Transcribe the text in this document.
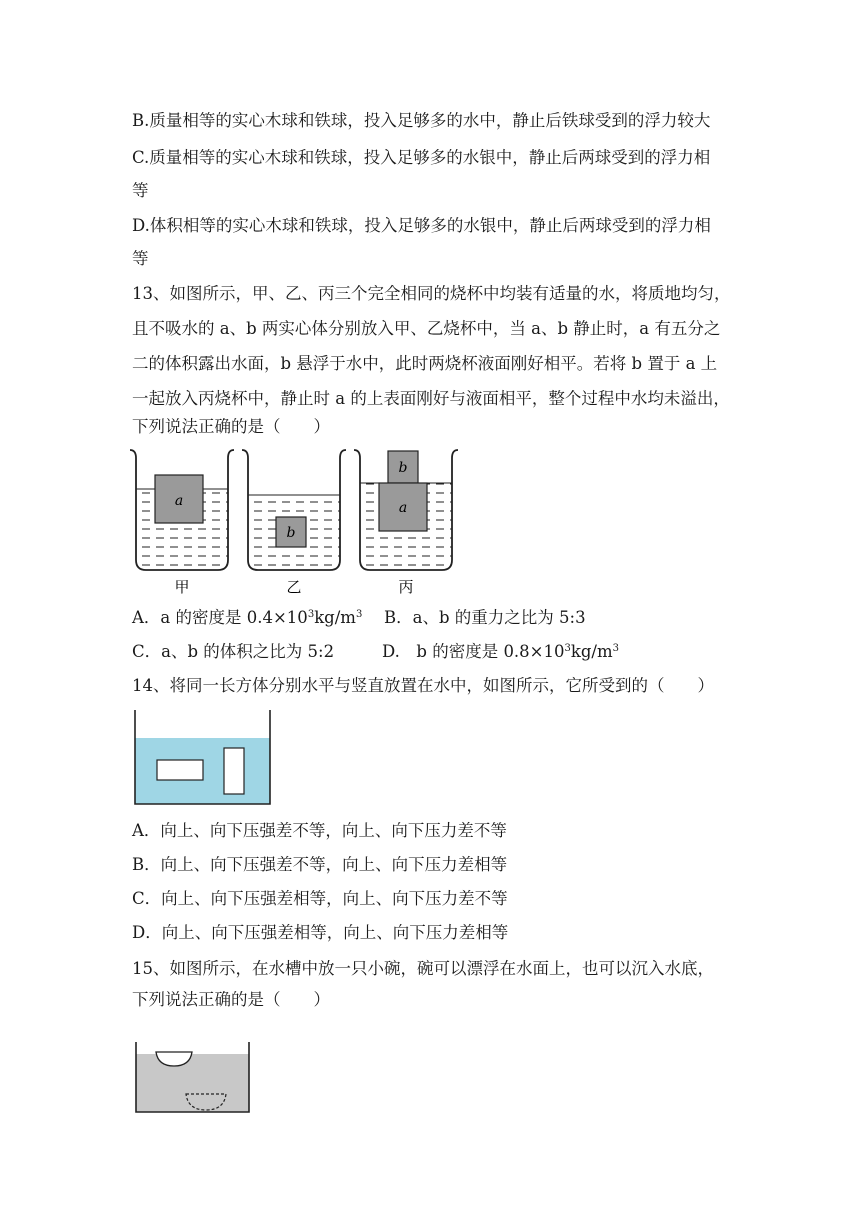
B.质量相等的实心木球和铁球，投入足够多的水中，静止后铁球受到的浮力较大
C.质量相等的实心木球和铁球，投入足够多的水银中，静止后两球受到的浮力相
等
D.体积相等的实心木球和铁球，投入足够多的水银中，静止后两球受到的浮力相
等
13、如图所示，甲、乙、丙三个完全相同的烧杯中均装有适量的水，将质地均匀，
且不吸水的 a、b 两实心体分别放入甲、乙烧杯中，当 a、b 静止时，a 有五分之
二的体积露出水面，b 悬浮于水中，此时两烧杯液面刚好相平。若将 b 置于 a 上
一起放入丙烧杯中，静止时 a 的上表面刚好与液面相平，整个过程中水均未溢出，
下列说法正确的是（　　）
a
b
b
a
甲	乙	丙
A．a 的密度是 $0.4\times 10^3kg/m^3$ B．a、b 的重力之比为 5:3
C．a、b 的体积之比为 5:2	D.　b 的密度是 $0.8\times 10^3kg/m^3$
14、将同一长方体分别水平与竖直放置在水中，如图所示，它所受到的（　　）
A．向上、向下压强差不等，向上、向下压力差不等
B．向上、向下压强差不等，向上、向下压力差相等
C．向上、向下压强差相等，向上、向下压力差不等
D．向上、向下压强差相等，向上、向下压力差相等
15、如图所示，在水槽中放一只小碗，碗可以漂浮在水面上，也可以沉入水底，
下列说法正确的是（　　）
